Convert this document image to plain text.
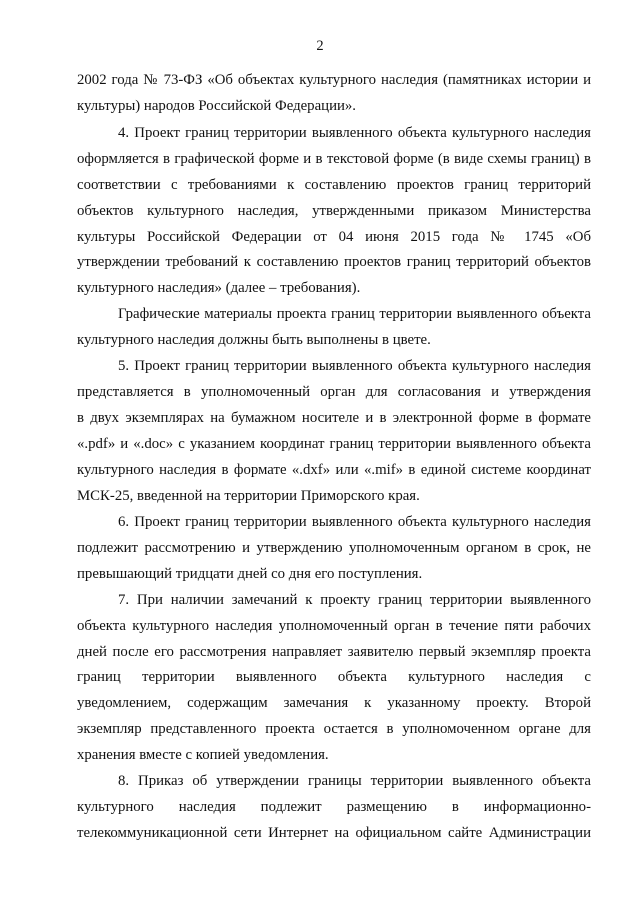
2
2002 года № 73-ФЗ «Об объектах культурного наследия (памятниках истории и
культуры) народов Российской Федерации».
4. Проект границ территории выявленного объекта культурного наследия
оформляется в графической форме и в текстовой форме (в виде схемы границ) в
соответствии с требованиями к составлению проектов границ территорий
объектов культурного наследия, утвержденными приказом Министерства
культуры Российской Федерации от 04 июня 2015 года № 1745 «Об
утверждении требований к составлению проектов границ территорий объектов
культурного наследия» (далее – требования).
Графические материалы проекта границ территории выявленного объекта
культурного наследия должны быть выполнены в цвете.
5. Проект границ территории выявленного объекта культурного наследия
представляется в уполномоченный орган для согласования и утверждения
в двух экземплярах на бумажном носителе и в электронной форме в формате
«.pdf» и «.doc» с указанием координат границ территории выявленного объекта
культурного наследия в формате «.dxf» или «.mif» в единой системе координат
МСК-25, введенной на территории Приморского края.
6. Проект границ территории выявленного объекта культурного наследия
подлежит рассмотрению и утверждению уполномоченным органом в срок, не
превышающий тридцати дней со дня его поступления.
7. При наличии замечаний к проекту границ территории выявленного
объекта культурного наследия уполномоченный орган в течение пяти рабочих
дней после его рассмотрения направляет заявителю первый экземпляр проекта
границ территории выявленного объекта культурного наследия с
уведомлением, содержащим замечания к указанному проекту. Второй
экземпляр представленного проекта остается в уполномоченном органе для
хранения вместе с копией уведомления.
8. Приказ об утверждении границы территории выявленного объекта
культурного наследия подлежит размещению в информационно-
телекоммуникационной сети Интернет на официальном сайте Администрации
